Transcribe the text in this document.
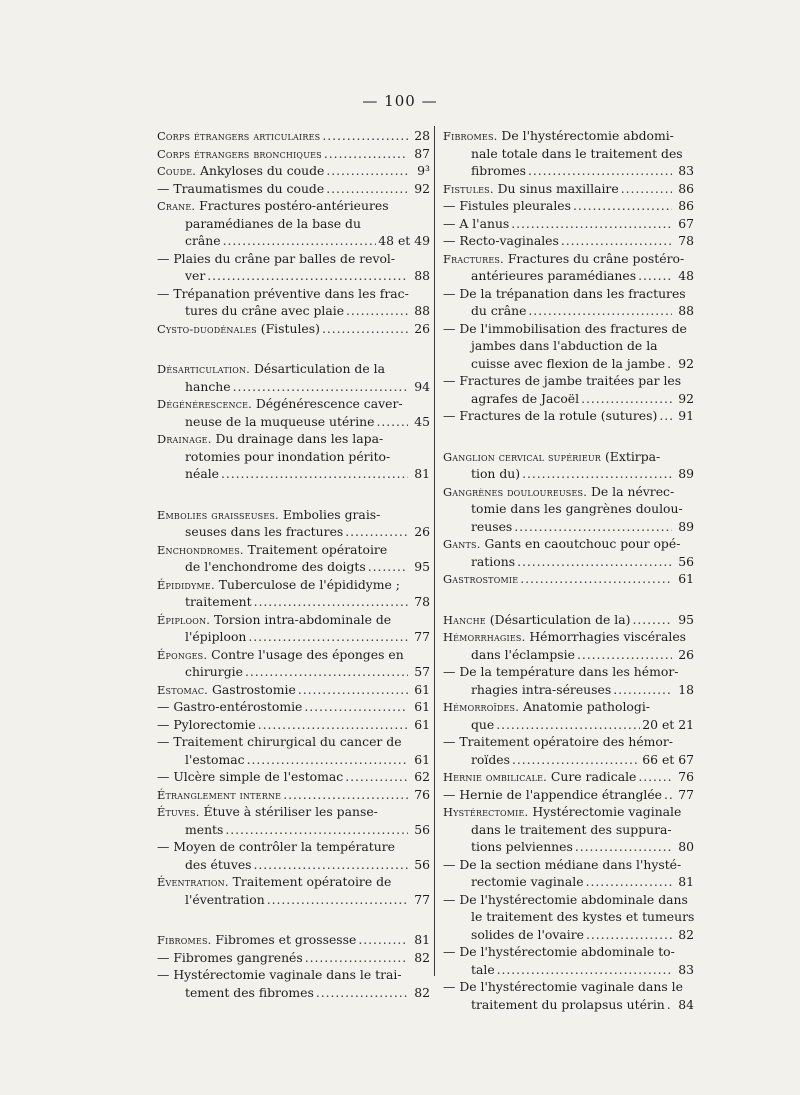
— 100 —
Corps étrangers articulaires . . .	28
Corps étrangers bronchiques . . .	87
Coude. Ankyloses du coude . . .	9³
— Traumatismes du coude . . .	92
Crane. Fractures postéro-antérieures
paramédianes de la base du
crâne . . .	48 et 49
— Plaies du crâne par balles de revol-
ver . . .	88
— Trépanation préventive dans les frac-
tures du crâne avec plaie . . .	88
Cysto-duodénales (Fistules) . . .	26
Désarticulation. Désarticulation de la
hanche . . .	94
Dégénérescence. Dégénérescence caver-
neuse de la muqueuse utérine . . .	45
Drainage. Du drainage dans les lapa-
rotomies pour inondation périto-
néale . . .	81
Embolies graisseuses. Embolies grais-
seuses dans les fractures . . .	26
Enchondromes. Traitement opératoire
de l'enchondrome des doigts . . .	95
Épididyme. Tuberculose de l'épididyme ;
traitement . . .	78
Épiploon. Torsion intra-abdominale de
l'épiploon . . .	77
Éponges. Contre l'usage des éponges en
chirurgie . . .	57
Estomac. Gastrostomie . . .	61
— Gastro-entérostomie . . .	61
— Pylorectomie . . .	61
— Traitement chirurgical du cancer de
l'estomac . . .	61
— Ulcère simple de l'estomac . . .	62
Étranglement interne . . .	76
Étuves. Étuve à stériliser les panse-
ments . . .	56
— Moyen de contrôler la température
des étuves . . .	56
Éventration. Traitement opératoire de
l'éventration . . .	77
Fibromes. Fibromes et grossesse . . .	81
— Fibromes gangrenés . . .	82
— Hystérectomie vaginale dans le trai-
tement des fibromes . . .	82
Fibromes. De l'hystérectomie abdomi-
nale totale dans le traitement des
fibromes . . .	83
Fistules. Du sinus maxillaire . . .	86
— Fistules pleurales . . .	86
— A l'anus . . .	67
— Recto-vaginales . . .	78
Fractures. Fractures du crâne postéro-
antérieures paramédianes . . .	48
— De la trépanation dans les fractures
du crâne . . .	88
— De l'immobilisation des fractures de
jambes dans l'abduction de la
cuisse avec flexion de la jambe . . .	92
— Fractures de jambe traitées par les
agrafes de Jacoël . . .	92
— Fractures de la rotule (sutures) . . .	91
Ganglion cervical supérieur (Extirpa-
tion du) . . .	89
Gangrènes douloureuses. De la névrec-
tomie dans les gangrènes doulou-
reuses . . .	89
Gants. Gants en caoutchouc pour opé-
rations . . .	56
Gastrostomie . . .	61
Hanche (Désarticulation de la) . . .	95
Hémorrhagies. Hémorrhagies viscérales
dans l'éclampsie . . .	26
— De la température dans les hémor-
rhagies intra-séreuses . . .	18
Hémorroïdes. Anatomie pathologi-
que . . .	20 et 21
— Traitement opératoire des hémor-
roïdes . . .	66 et 67
Hernie ombilicale. Cure radicale . . .	76
— Hernie de l'appendice étranglée . . .	77
Hystérectomie. Hystérectomie vaginale
dans le traitement des suppura-
tions pelviennes . . .	80
— De la section médiane dans l'hysté-
rectomie vaginale . . .	81
— De l'hystérectomie abdominale dans
le traitement des kystes et tumeurs
solides de l'ovaire . . .	82
— De l'hystérectomie abdominale to-
tale . . .	83
— De l'hystérectomie vaginale dans le
traitement du prolapsus utérin . . .	84
